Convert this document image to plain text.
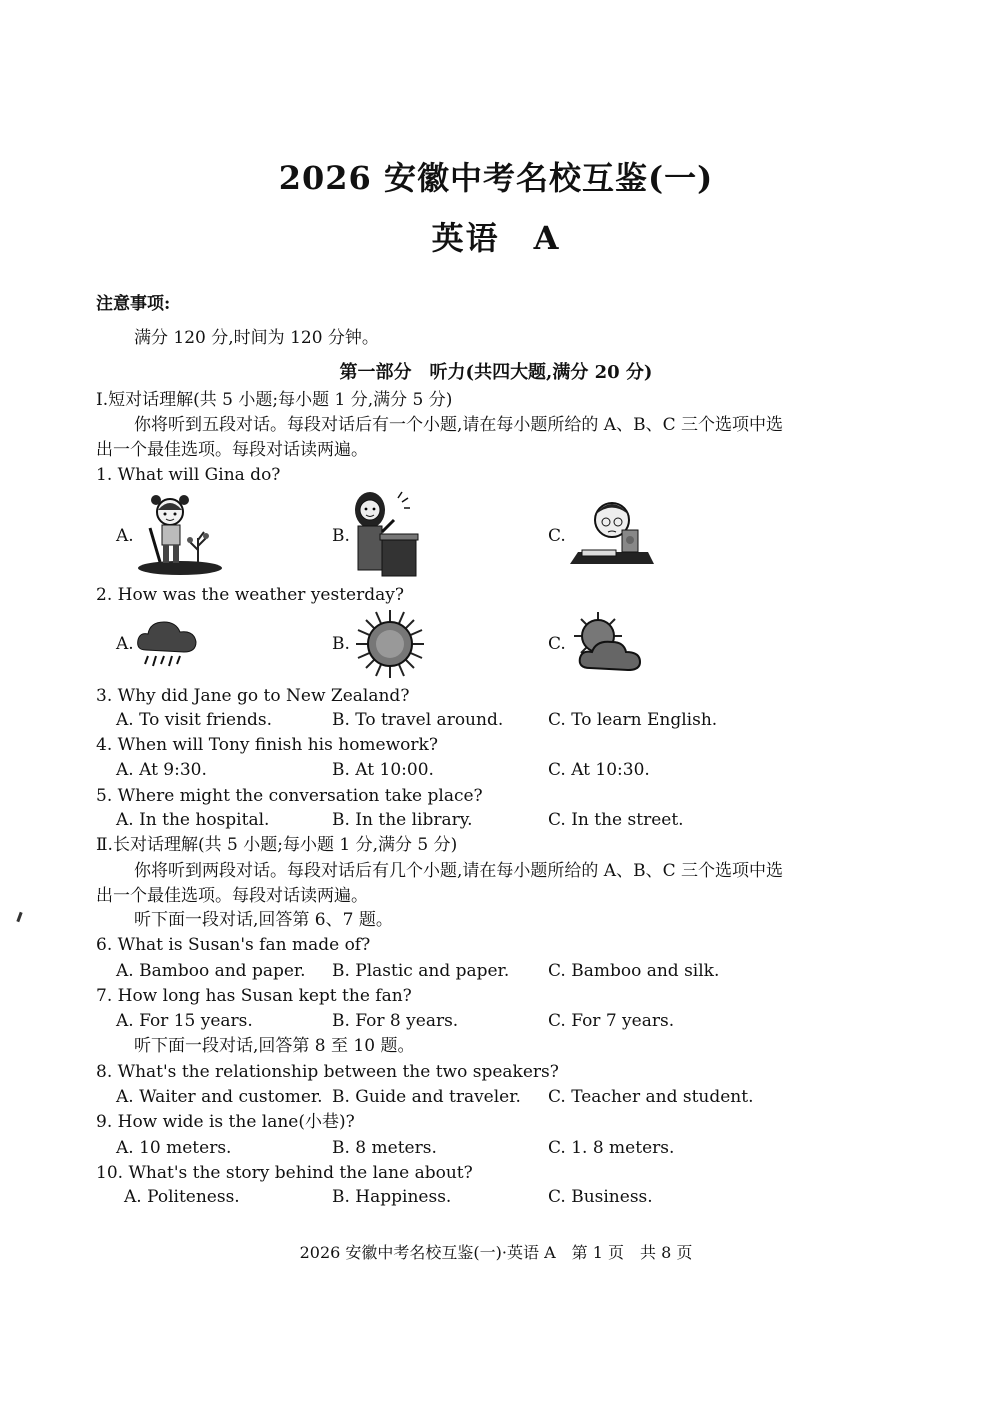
2026 安徽中考名校互鉴(一)
英语　A
注意事项:
满分 120 分,时间为 120 分钟。
第一部分　听力(共四大题,满分 20 分)
Ⅰ.短对话理解(共 5 小题;每小题 1 分,满分 5 分)
你将听到五段对话。每段对话后有一个小题,请在每小题所给的 A、B、C 三个选项中选
出一个最佳选项。每段对话读两遍。
1. What will Gina do?
A.	B.	C.
2. How was the weather yesterday?
A.	B.	C.
3. Why did Jane go to New Zealand?
A. To visit friends.	B. To travel around.	C. To learn English.
4. When will Tony finish his homework?
A. At 9:30.	B. At 10:00.	C. At 10:30.
5. Where might the conversation take place?
A. In the hospital.	B. In the library.	C. In the street.
Ⅱ.长对话理解(共 5 小题;每小题 1 分,满分 5 分)
你将听到两段对话。每段对话后有几个小题,请在每小题所给的 A、B、C 三个选项中选
出一个最佳选项。每段对话读两遍。
听下面一段对话,回答第 6、7 题。
6. What is Susan's fan made of?
A. Bamboo and paper. B. Plastic and paper. C. Bamboo and silk.
7. How long has Susan kept the fan?
A. For 15 years.	B. For 8 years.	C. For 7 years.
听下面一段对话,回答第 8 至 10 题。
8. What's the relationship between the two speakers?
A. Waiter and customer. B. Guide and traveler. C. Teacher and student.
9. How wide is the lane(小巷)?
A. 10 meters.	B. 8 meters.	C. 1. 8 meters.
10. What's the story behind the lane about?
A. Politeness.	B. Happiness.	C. Business.
2026 安徽中考名校互鉴(一)·英语 A　第 1 页　共 8 页
